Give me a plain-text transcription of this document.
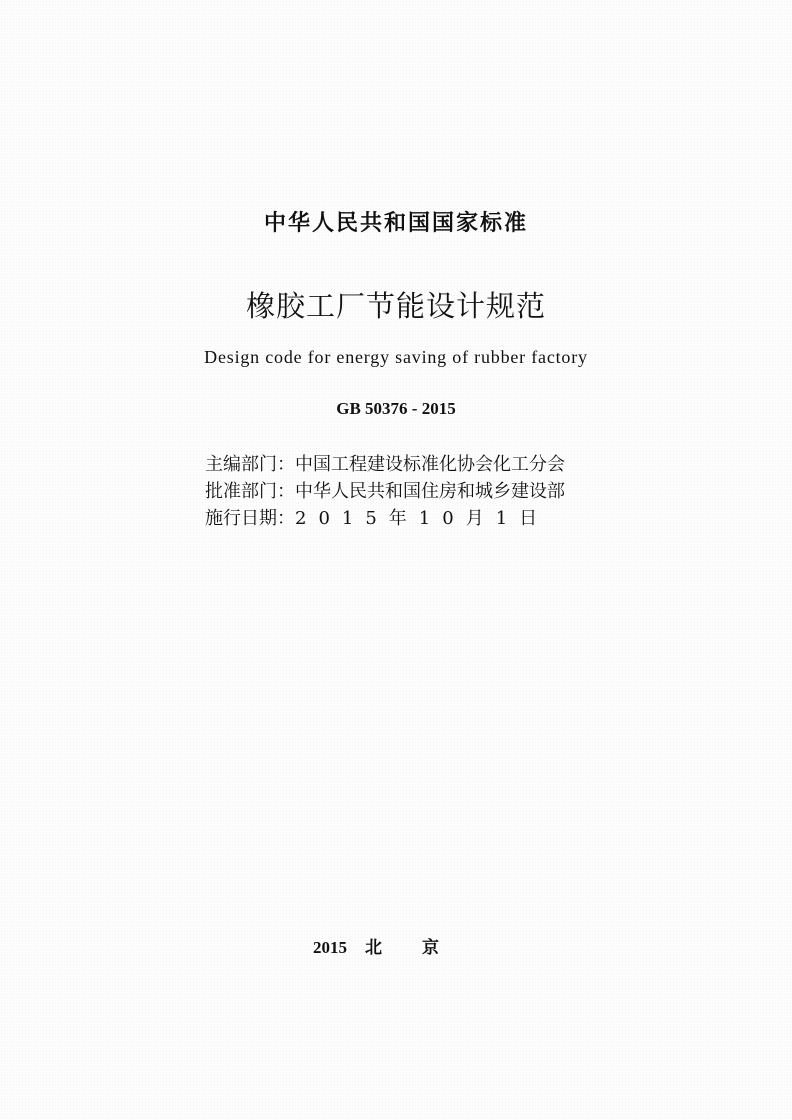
中华人民共和国国家标准
橡胶工厂节能设计规范
Design code for energy saving of rubber factory
GB 50376 - 2015
主编部门：中国工程建设标准化协会化工分会
批准部门：中华人民共和国住房和城乡建设部
施行日期：2015年10月1日
2015 北京
